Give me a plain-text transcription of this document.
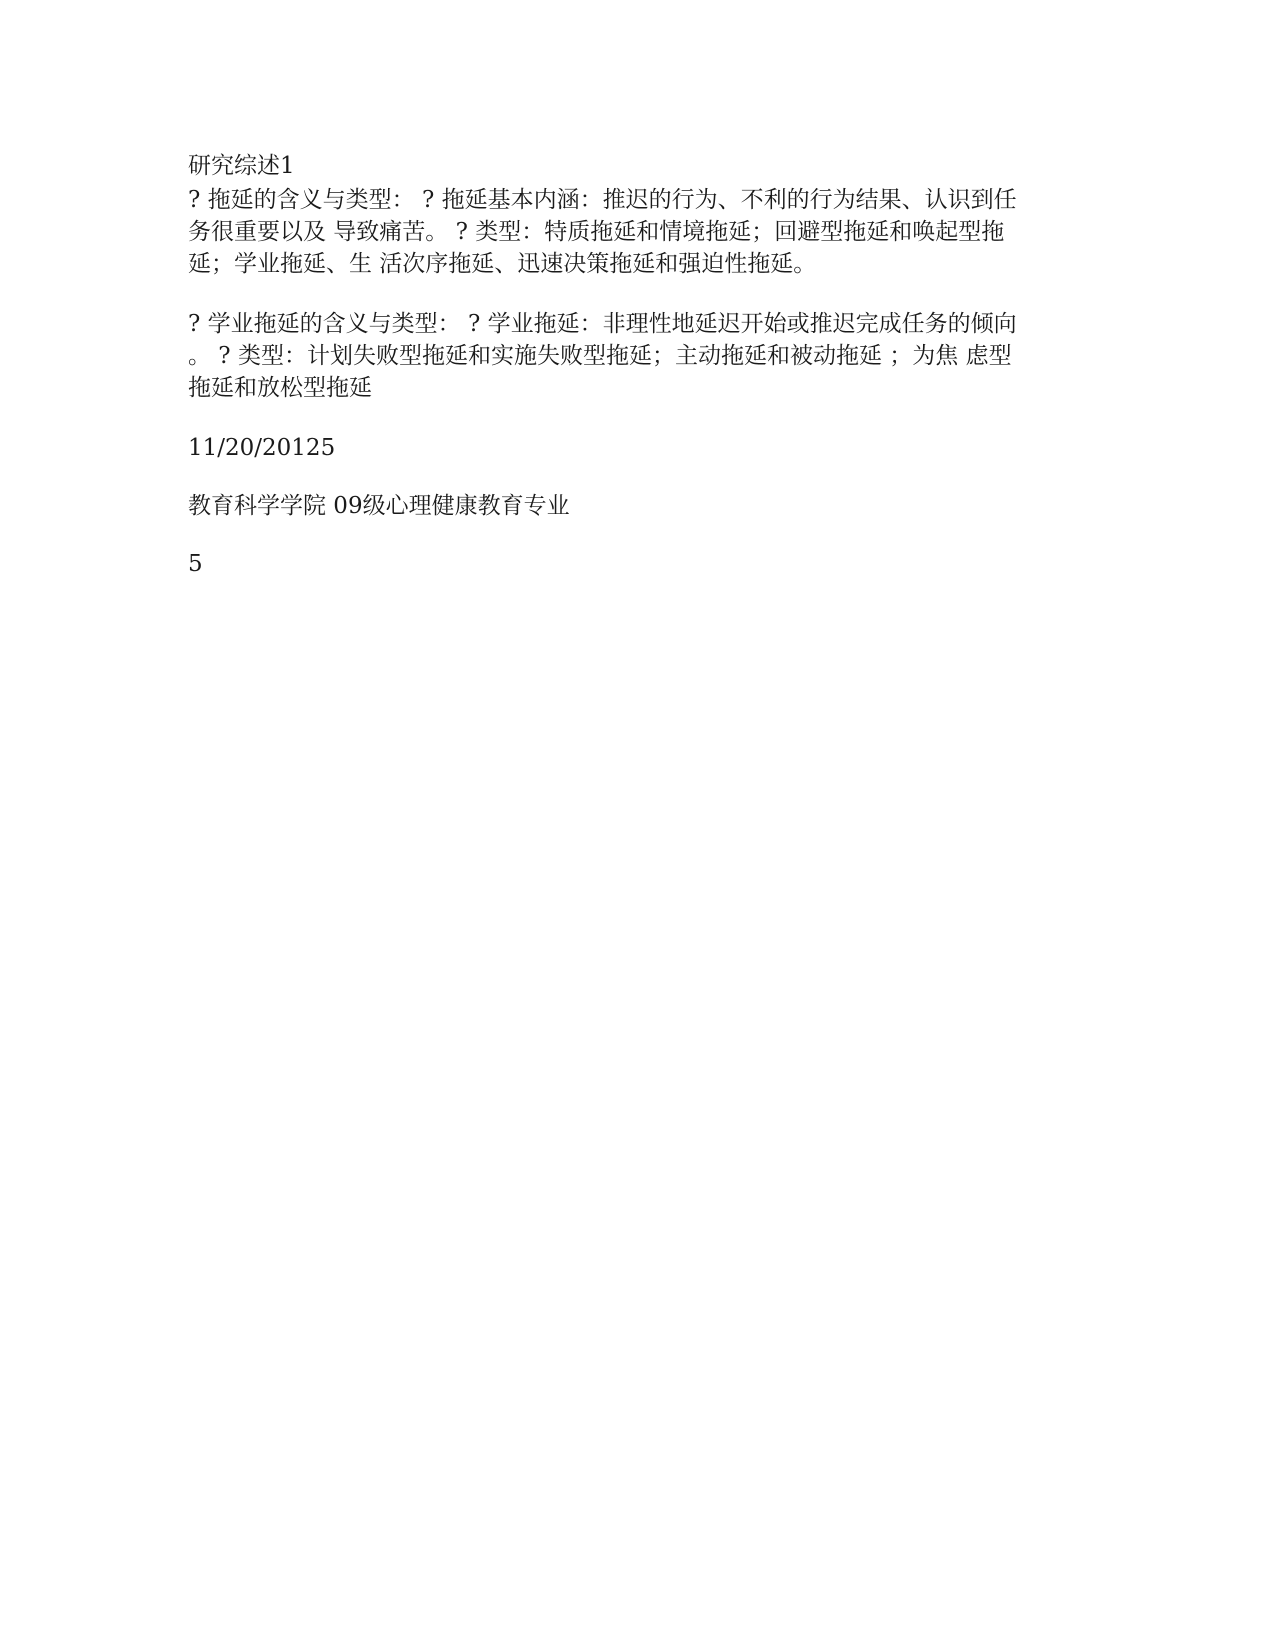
研究综述1
? 拖延的含义与类型： ? 拖延基本内涵：推迟的行为、不利的行为结果、认识到任
务很重要以及 导致痛苦。 ? 类型：特质拖延和情境拖延；回避型拖延和唤起型拖
延；学业拖延、生 活次序拖延、迅速决策拖延和强迫性拖延。
? 学业拖延的含义与类型： ? 学业拖延：非理性地延迟开始或推迟完成任务的倾向
。 ? 类型：计划失败型拖延和实施失败型拖延；主动拖延和被动拖延 ；为焦 虑型
拖延和放松型拖延
11/20/20125
教育科学学院 09级心理健康教育专业
5
